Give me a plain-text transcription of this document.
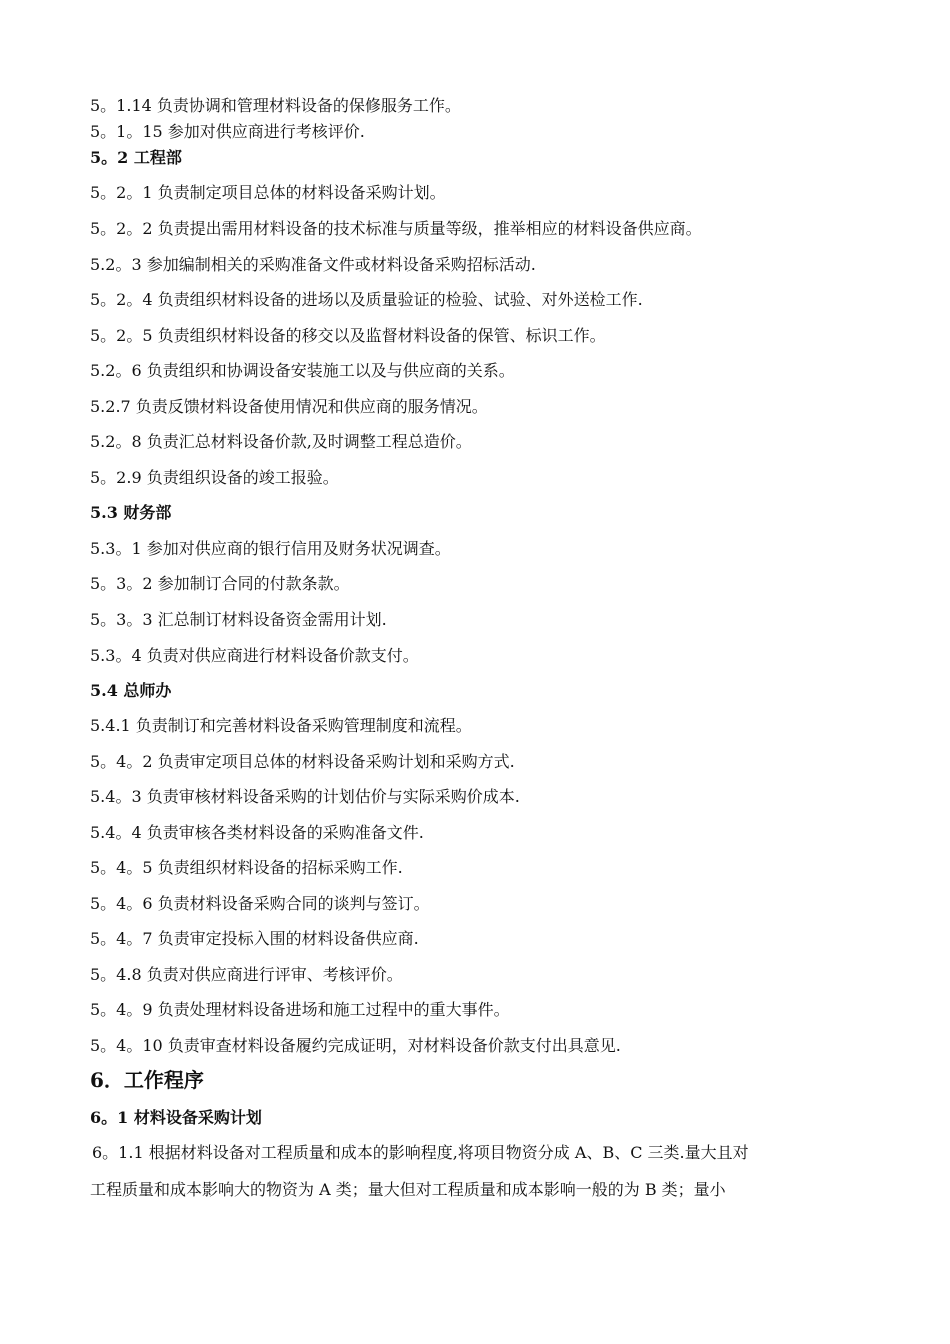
5。1.14 负责协调和管理材料设备的保修服务工作。
5。1。15 参加对供应商进行考核评价.
5。2 工程部
5。2。1 负责制定项目总体的材料设备采购计划。
5。2。2 负责提出需用材料设备的技术标准与质量等级，推举相应的材料设备供应商。
5.2。3 参加编制相关的采购准备文件或材料设备采购招标活动.
5。2。4 负责组织材料设备的进场以及质量验证的检验、试验、对外送检工作.
5。2。5 负责组织材料设备的移交以及监督材料设备的保管、标识工作。
5.2。6 负责组织和协调设备安装施工以及与供应商的关系。
5.2.7 负责反馈材料设备使用情况和供应商的服务情况。
5.2。8 负责汇总材料设备价款,及时调整工程总造价。
5。2.9 负责组织设备的竣工报验。
5.3 财务部
5.3。1 参加对供应商的银行信用及财务状况调查。
5。3。2 参加制订合同的付款条款。
5。3。3 汇总制订材料设备资金需用计划.
5.3。4 负责对供应商进行材料设备价款支付。
5.4 总师办
5.4.1 负责制订和完善材料设备采购管理制度和流程。
5。4。2 负责审定项目总体的材料设备采购计划和采购方式.
5.4。3 负责审核材料设备采购的计划估价与实际采购价成本.
5.4。4 负责审核各类材料设备的采购准备文件.
5。4。5 负责组织材料设备的招标采购工作.
5。4。6 负责材料设备采购合同的谈判与签订。
5。4。7 负责审定投标入围的材料设备供应商.
5。4.8 负责对供应商进行评审、考核评价。
5。4。9 负责处理材料设备进场和施工过程中的重大事件。
5。4。10 负责审查材料设备履约完成证明，对材料设备价款支付出具意见.
6．工作程序
6。1 材料设备采购计划
6。1.1 根据材料设备对工程质量和成本的影响程度,将项目物资分成 A、B、C 三类.量大且对
工程质量和成本影响大的物资为 A 类；量大但对工程质量和成本影响一般的为 B 类；量小
